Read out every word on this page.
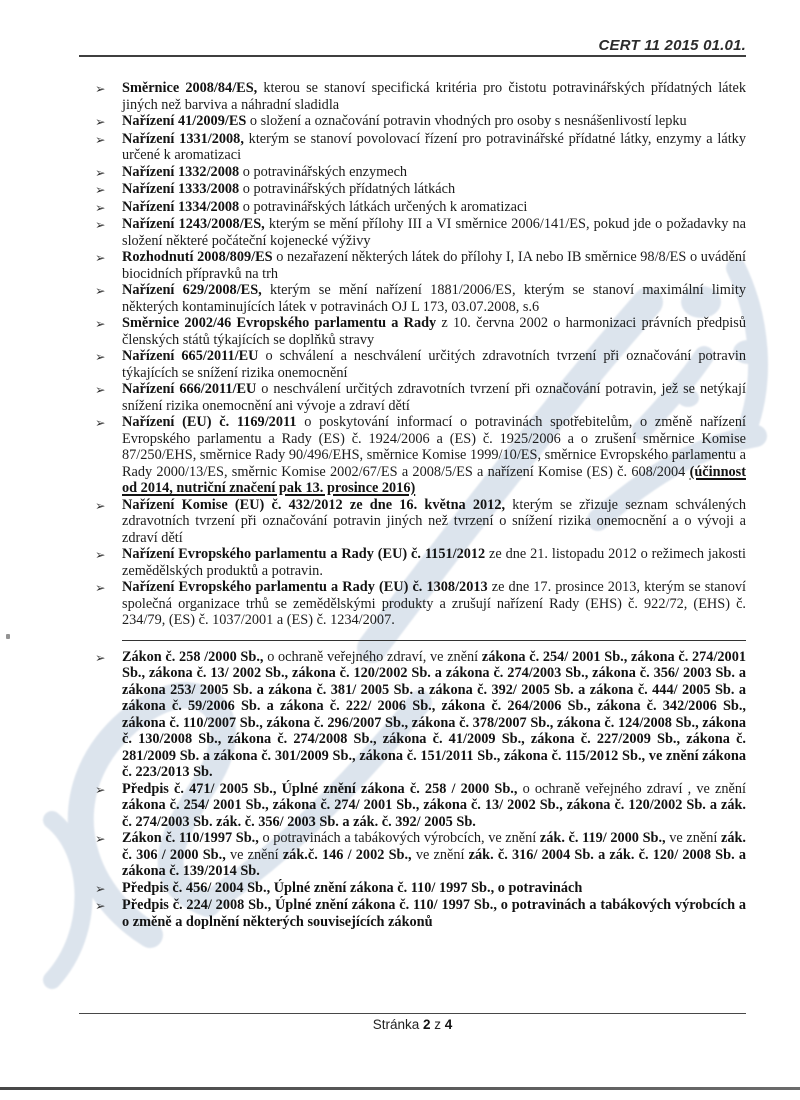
CERT 11 2015 01.01.
➢	Směrnice 2008/84/ES, kterou se stanoví specifická kritéria pro čistotu potravinářských přídatných látek jiných než barviva a náhradní sladidla
➢	Nařízení 41/2009/ES o složení a označování potravin vhodných pro osoby s nesnášenlivostí lepku
➢	Nařízení 1331/2008, kterým se stanoví povolovací řízení pro potravinářské přídatné látky, enzymy a látky určené k aromatizaci
➢	Nařízení 1332/2008 o potravinářských enzymech
➢	Nařízení 1333/2008 o potravinářských přídatných látkách
➢	Nařízení 1334/2008 o potravinářských látkách určených k aromatizaci
➢	Nařízení 1243/2008/ES, kterým se mění přílohy III a VI směrnice 2006/141/ES, pokud jde o požadavky na složení některé počáteční kojenecké výživy
➢	Rozhodnutí 2008/809/ES o nezařazení některých látek do přílohy I, IA nebo IB směrnice 98/8/ES o uvádění biocidních přípravků na trh
➢	Nařízení 629/2008/ES, kterým se mění nařízení 1881/2006/ES, kterým se stanoví maximální limity některých kontaminujících látek v potravinách OJ L 173, 03.07.2008, s.6
➢	Směrnice 2002/46 Evropského parlamentu a Rady z 10. června 2002 o harmonizaci právních předpisů členských států týkajících se doplňků stravy
➢	Nařízení 665/2011/EU o schválení a neschválení určitých zdravotních tvrzení při označování potravin týkajících se snížení rizika onemocnění
➢	Nařízení 666/2011/EU o neschválení určitých zdravotních tvrzení při označování potravin, jež se netýkají snížení rizika onemocnění ani vývoje a zdraví dětí
➢	Nařízení (EU) č. 1169/2011 o poskytování informací o potravinách spotřebitelům, o změně nařízení Evropského parlamentu a Rady (ES) č. 1924/2006 a (ES) č. 1925/2006 a o zrušení směrnice Komise 87/250/EHS, směrnice Rady 90/496/EHS, směrnice Komise 1999/10/ES, směrnice Evropského parlamentu a Rady 2000/13/ES, směrnic Komise 2002/67/ES a 2008/5/ES a nařízení Komise (ES) č. 608/2004 (účinnost od 2014, nutriční značení pak 13. prosince 2016)
➢	Nařízení Komise (EU) č. 432/2012 ze dne 16. května 2012, kterým se zřizuje seznam schválených zdravotních tvrzení při označování potravin jiných než tvrzení o snížení rizika onemocnění a o vývoji a zdraví dětí
➢	Nařízení Evropského parlamentu a Rady (EU) č. 1151/2012 ze dne 21. listopadu 2012 o režimech jakosti zemědělských produktů a potravin.
➢	Nařízení Evropského parlamentu a Rady (EU) č. 1308/2013 ze dne 17. prosince 2013, kterým se stanoví společná organizace trhů se zemědělskými produkty a zrušují nařízení Rady (EHS) č. 922/72, (EHS) č. 234/79, (ES) č. 1037/2001 a (ES) č. 1234/2007.
➢	Zákon č. 258 /2000 Sb., o ochraně veřejného zdraví, ve znění zákona č. 254/ 2001 Sb., zákona č. 274/2001 Sb., zákona č. 13/ 2002 Sb., zákona č. 120/2002 Sb. a zákona č. 274/2003 Sb., zákona č. 356/ 2003 Sb. a zákona 253/ 2005 Sb. a zákona č. 381/ 2005 Sb. a zákona č. 392/ 2005 Sb. a zákona č. 444/ 2005 Sb. a zákona č. 59/2006 Sb. a zákona č. 222/ 2006 Sb., zákona č. 264/2006 Sb., zákona č. 342/2006 Sb., zákona č. 110/2007 Sb., zákona č. 296/2007 Sb., zákona č. 378/2007 Sb., zákona č. 124/2008 Sb., zákona č. 130/2008 Sb., zákona č. 274/2008 Sb., zákona č. 41/2009 Sb., zákona č. 227/2009 Sb., zákona č. 281/2009 Sb. a zákona č. 301/2009 Sb., zákona č. 151/2011 Sb., zákona č. 115/2012 Sb., ve znění zákona č. 223/2013 Sb.
➢	Předpis č. 471/ 2005 Sb., Úplné znění zákona č. 258 / 2000 Sb., o ochraně veřejného zdraví , ve znění zákona č. 254/ 2001 Sb., zákona č. 274/ 2001 Sb., zákona č. 13/ 2002 Sb., zákona č. 120/2002 Sb. a zák. č. 274/2003 Sb. zák. č. 356/ 2003 Sb. a zák. č. 392/ 2005 Sb.
➢	Zákon č. 110/1997 Sb., o potravinách a tabákových výrobcích, ve znění zák. č. 119/ 2000 Sb., ve znění zák. č. 306 / 2000 Sb., ve znění zák.č. 146 / 2002 Sb., ve znění zák. č. 316/ 2004 Sb. a zák. č. 120/ 2008 Sb. a zákona č. 139/2014 Sb.
➢	Předpis č. 456/ 2004 Sb., Úplné znění zákona č. 110/ 1997 Sb., o potravinách
➢	Předpis č. 224/ 2008 Sb., Úplné znění zákona č. 110/ 1997 Sb., o potravinách a tabákových výrobcích a o změně a doplnění některých souvisejících zákonů
Stránka 2 z 4
